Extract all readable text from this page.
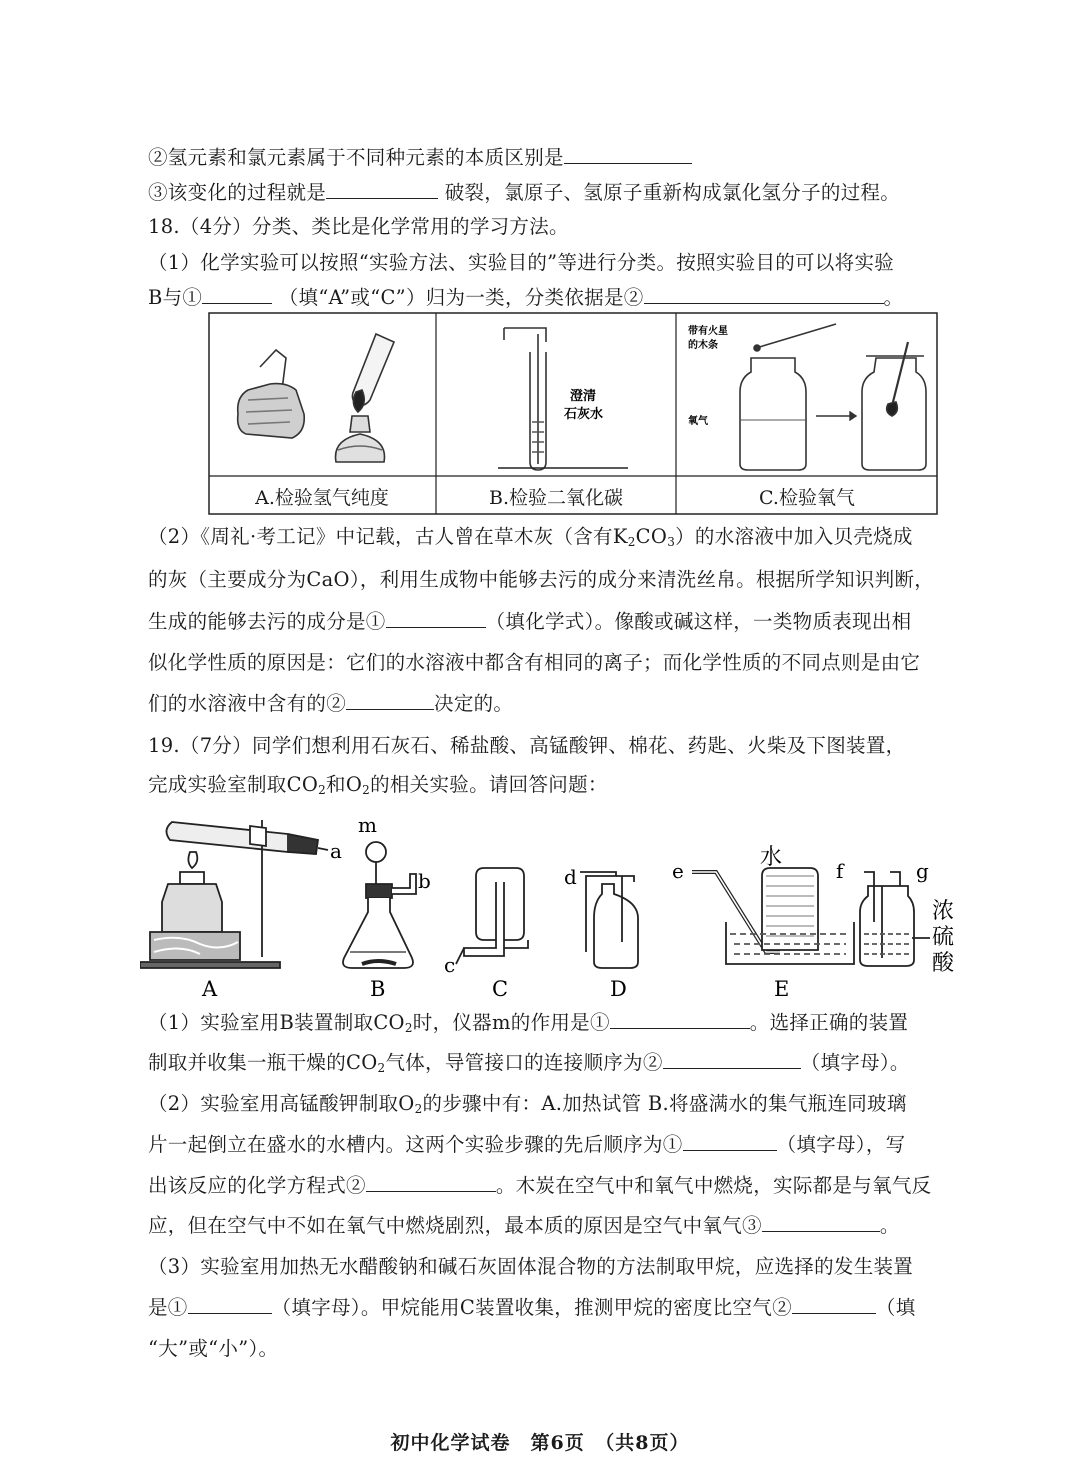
②氢元素和氯元素属于不同种元素的本质区别是
③该变化的过程就是	破裂，氯原子、氢原子重新构成氯化氢分子的过程。
18.（4分）分类、类比是化学常用的学习方法。
（1）化学实验可以按照“实验方法、实验目的”等进行分类。按照实验目的可以将实验
B与①	（填“A”或“C”）归为一类，分类依据是②	。
澄清
石灰水
带有火星
的木条
氧气
A.检验氢气纯度	B.检验二氧化碳	C.检验氧气
（2）《周礼·考工记》中记载，古人曾在草木灰（含有$K_2CO_3$）的水溶液中加入贝壳烧成
的灰（主要成分为CaO），利用生成物中能够去污的成分来清洗丝帛。根据所学知识判断，
生成的能够去污的成分是①	（填化学式）。像酸或碱这样，一类物质表现出相
似化学性质的原因是：它们的水溶液中都含有相同的离子；而化学性质的不同点则是由它
们的水溶液中含有的②	决定的。
19.（7分）同学们想利用石灰石、稀盐酸、高锰酸钾、棉花、药匙、火柴及下图装置，
完成实验室制取$CO_2$和$O_2$的相关实验。请回答问题：
a
m
b
c
d	e
水
f	g
浓
硫
酸
A	B	C	D	E
（1）实验室用B装置制取$CO_2$时，仪器m的作用是①	。选择正确的装置
制取并收集一瓶干燥的$CO_2$气体，导管接口的连接顺序为②	（填字母）。
（2）实验室用高锰酸钾制取$O_2$的步骤中有：A.加热试管 B.将盛满水的集气瓶连同玻璃
片一起倒立在盛水的水槽内。这两个实验步骤的先后顺序为①	（填字母），写
出该反应的化学方程式②	。木炭在空气中和氧气中燃烧，实际都是与氧气反
应，但在空气中不如在氧气中燃烧剧烈，最本质的原因是空气中氧气③	。
（3）实验室用加热无水醋酸钠和碱石灰固体混合物的方法制取甲烷，应选择的发生装置
是①	（填字母）。甲烷能用C装置收集，推测甲烷的密度比空气②	（填
“大”或“小”）。
初中化学试卷　第6页　（共8页）
